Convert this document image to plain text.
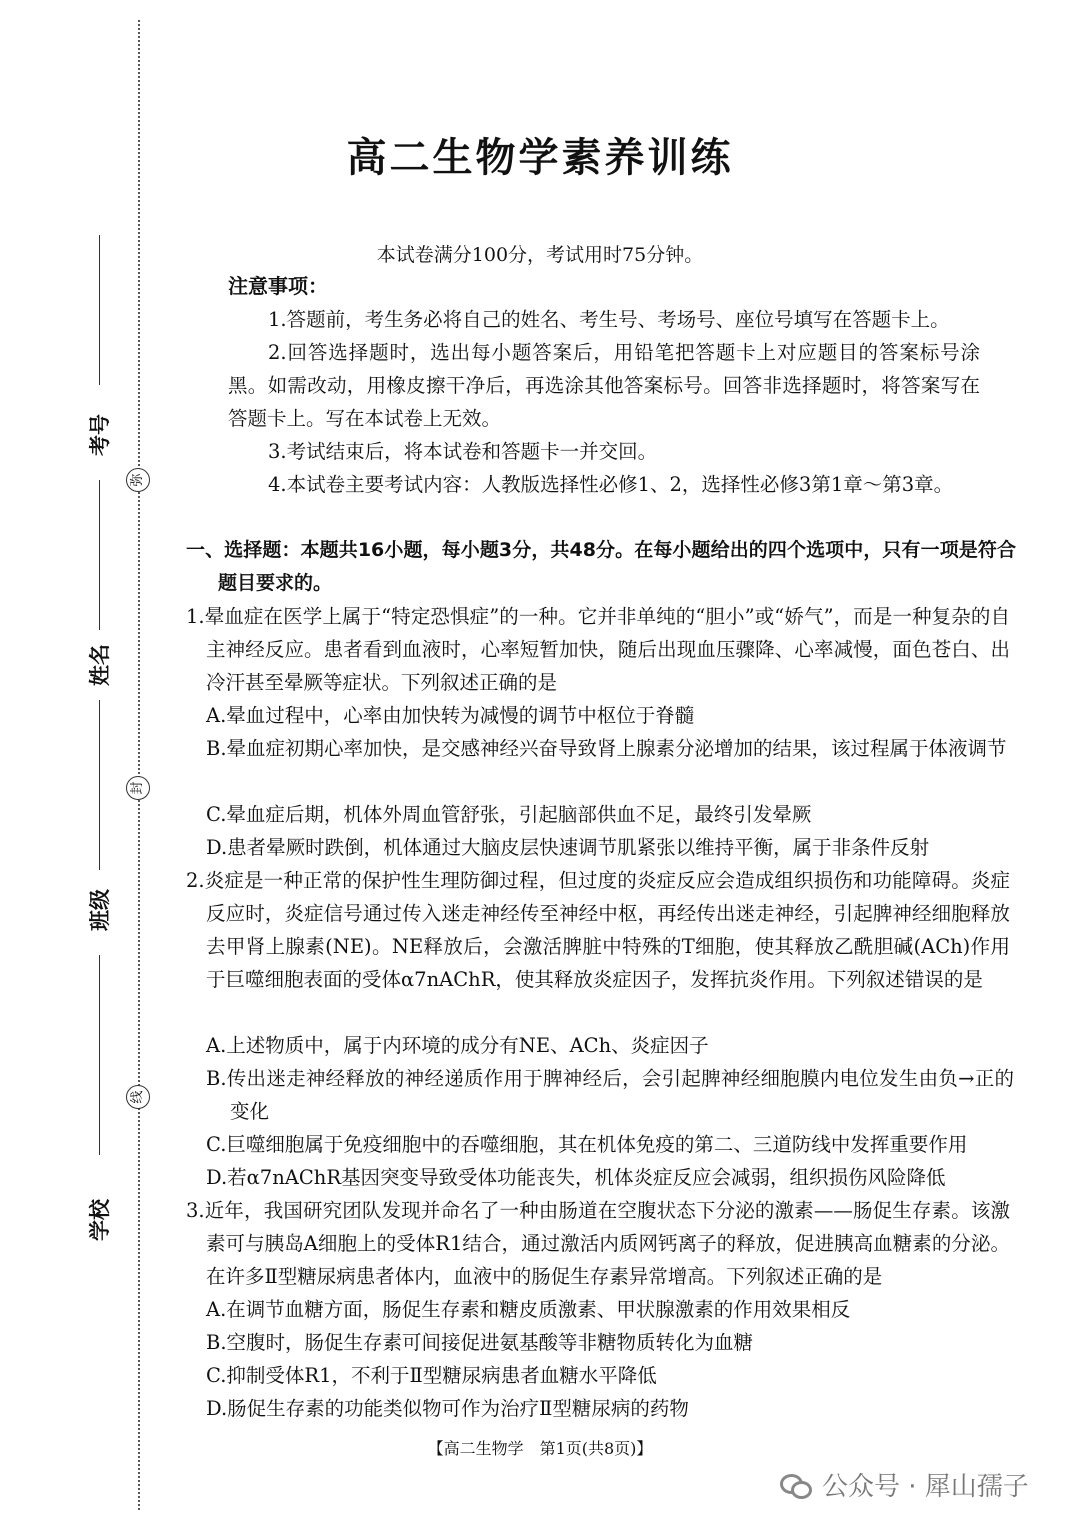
考号
姓名
班级
学校
弥
封
线
高二生物学素养训练
本试卷满分100分，考试用时75分钟。
注意事项：
1.答题前，考生务必将自己的姓名、考生号、考场号、座位号填写在答题卡上。
2.回答选择题时，选出每小题答案后，用铅笔把答题卡上对应题目的答案标号涂黑。如需改动，用橡皮擦干净后，再选涂其他答案标号。回答非选择题时，将答案写在答题卡上。写在本试卷上无效。
3.考试结束后，将本试卷和答题卡一并交回。
4.本试卷主要考试内容：人教版选择性必修1、2，选择性必修3第1章～第3章。
一、选择题：本题共16小题，每小题3分，共48分。在每小题给出的四个选项中，只有一项是符合题目要求的。
1.晕血症在医学上属于“特定恐惧症”的一种。它并非单纯的“胆小”或“娇气”，而是一种复杂的自主神经反应。患者看到血液时，心率短暂加快，随后出现血压骤降、心率减慢，面色苍白、出冷汗甚至晕厥等症状。下列叙述正确的是
A.晕血过程中，心率由加快转为减慢的调节中枢位于脊髓
B.晕血症初期心率加快，是交感神经兴奋导致肾上腺素分泌增加的结果，该过程属于体液调节
C.晕血症后期，机体外周血管舒张，引起脑部供血不足，最终引发晕厥
D.患者晕厥时跌倒，机体通过大脑皮层快速调节肌紧张以维持平衡，属于非条件反射
2.炎症是一种正常的保护性生理防御过程，但过度的炎症反应会造成组织损伤和功能障碍。炎症反应时，炎症信号通过传入迷走神经传至神经中枢，再经传出迷走神经，引起脾神经细胞释放去甲肾上腺素(NE)。NE释放后，会激活脾脏中特殊的T细胞，使其释放乙酰胆碱(ACh)作用于巨噬细胞表面的受体α7nAChR，使其释放炎症因子，发挥抗炎作用。下列叙述错误的是
A.上述物质中，属于内环境的成分有NE、ACh、炎症因子
B.传出迷走神经释放的神经递质作用于脾神经后，会引起脾神经细胞膜内电位发生由负→正的变化
C.巨噬细胞属于免疫细胞中的吞噬细胞，其在机体免疫的第二、三道防线中发挥重要作用
D.若α7nAChR基因突变导致受体功能丧失，机体炎症反应会减弱，组织损伤风险降低
3.近年，我国研究团队发现并命名了一种由肠道在空腹状态下分泌的激素——肠促生存素。该激素可与胰岛A细胞上的受体R1结合，通过激活内质网钙离子的释放，促进胰高血糖素的分泌。在许多Ⅱ型糖尿病患者体内，血液中的肠促生存素异常增高。下列叙述正确的是
A.在调节血糖方面，肠促生存素和糖皮质激素、甲状腺激素的作用效果相反
B.空腹时，肠促生存素可间接促进氨基酸等非糖物质转化为血糖
C.抑制受体R1，不利于Ⅱ型糖尿病患者血糖水平降低
D.肠促生存素的功能类似物可作为治疗Ⅱ型糖尿病的药物
【高二生物学　第1页(共8页)】
公众号 · 犀山孺子
